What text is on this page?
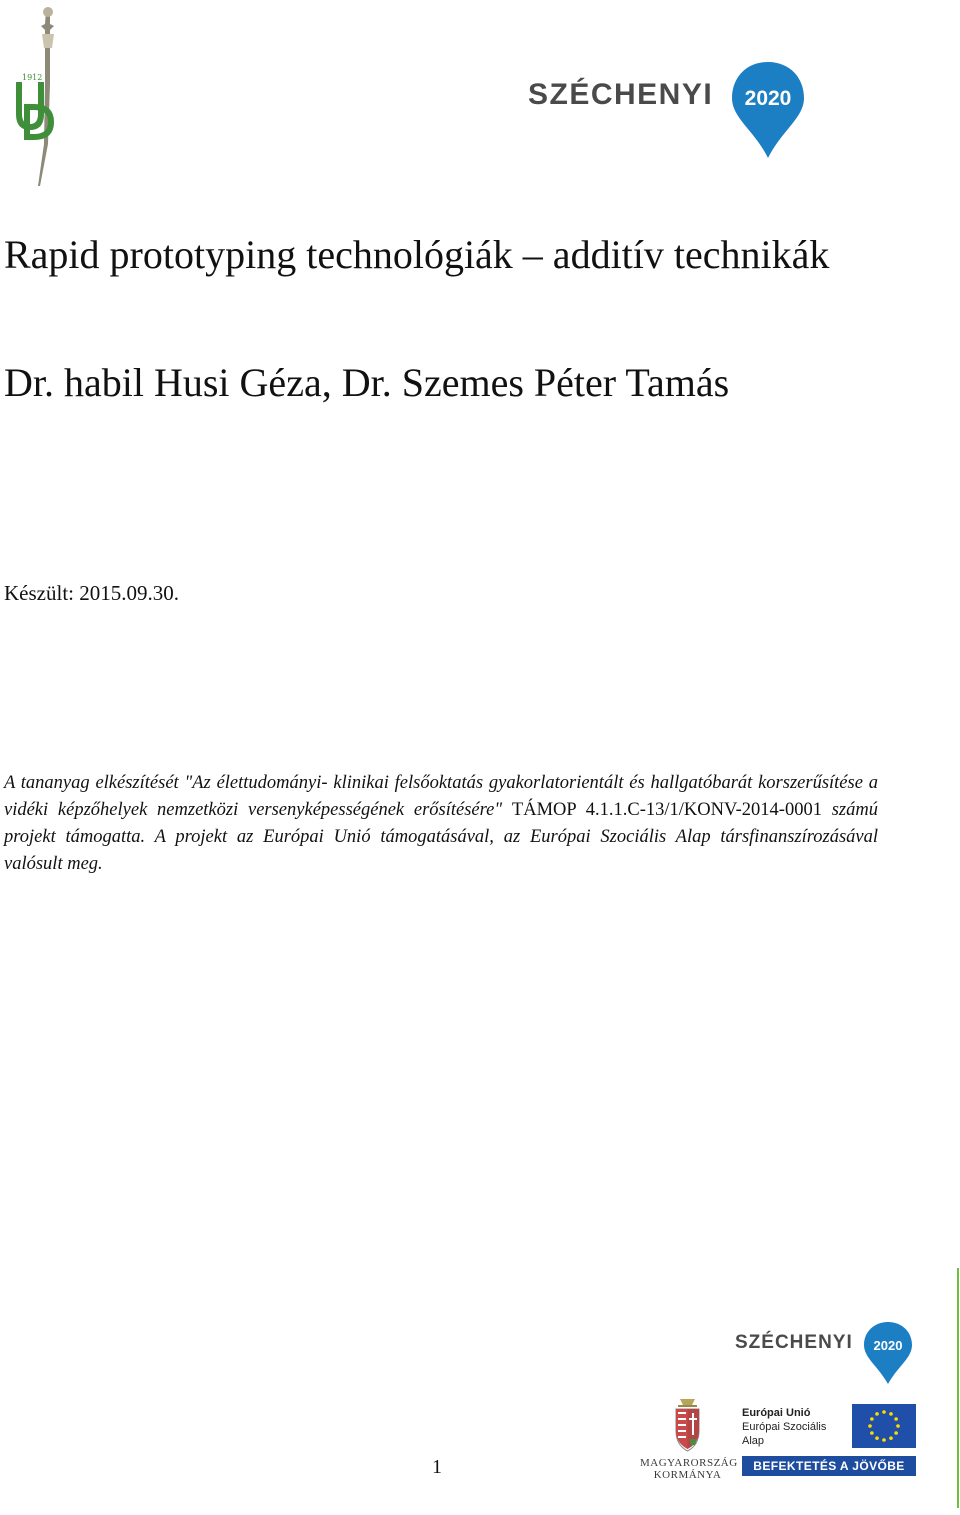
1912
SZÉCHENYI 2020
Rapid prototyping technológiák – additív technikák
Dr. habil Husi Géza, Dr. Szemes Péter Tamás

Készült: 2015.09.30.

A tananyag elkészítését "Az élettudományi- klinikai felsőoktatás gyakorlatorientált és hallgatóbarát korszerűsítése a vidéki képzőhelyek nemzetközi versenyképességének erősítésére" TÁMOP 4.1.1.C-13/1/KONV-2014-0001 számú projekt támogatta. A projekt az Európai Unió támogatásával, az Európai Szociális Alap társfinanszírozásával valósult meg.

SZÉCHENYI 2020
MAGYARORSZÁG
KORMÁNYA
Európai Unió
Európai Szociális
Alap
BEFEKTETÉS A JÖVŐBE
1
